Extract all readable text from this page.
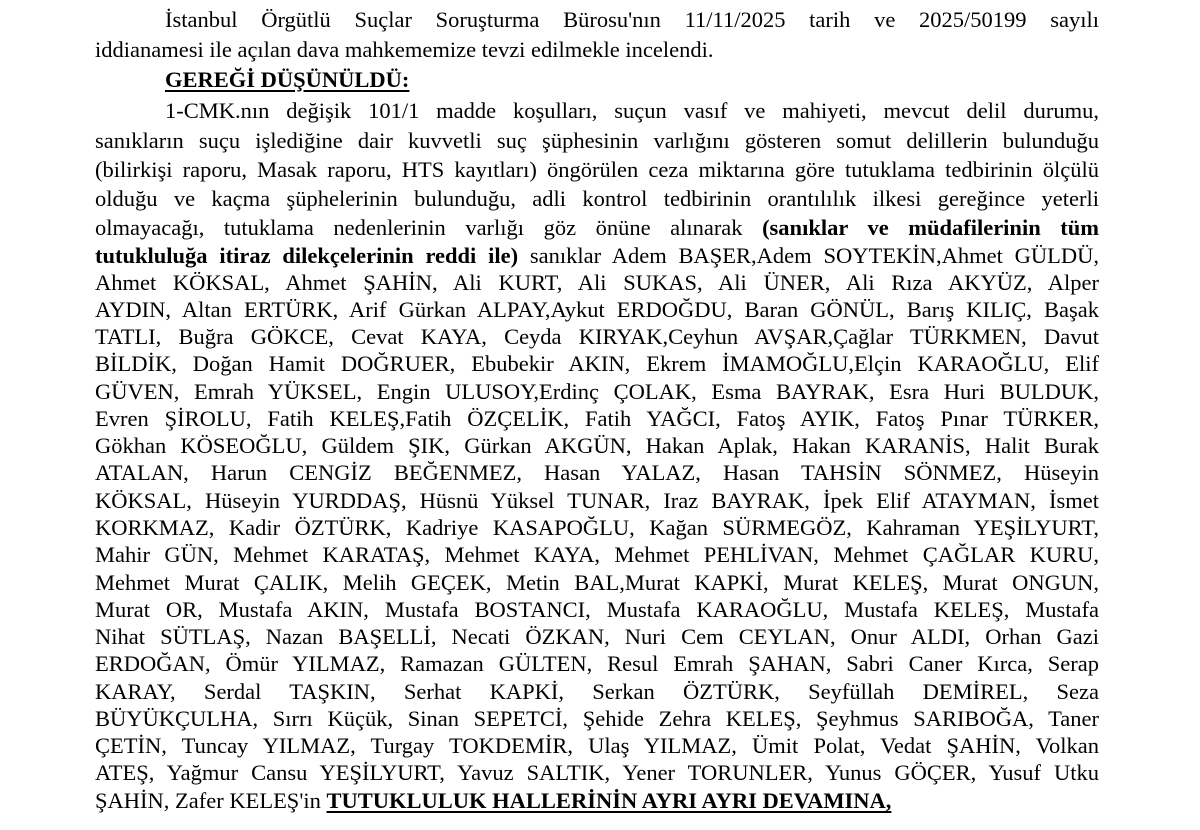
İstanbul Örgütlü Suçlar Soruşturma Bürosu'nın 11/11/2025 tarih ve 2025/50199 sayılı
iddianamesi ile açılan dava mahkememize tevzi edilmekle incelendi.
GEREĞİ DÜŞÜNÜLDÜ:
1-CMK.nın değişik 101/1 madde koşulları, suçun vasıf ve mahiyeti, mevcut delil durumu,
sanıkların suçu işlediğine dair kuvvetli suç şüphesinin varlığını gösteren somut delillerin bulunduğu
(bilirkişi raporu, Masak raporu, HTS kayıtları) öngörülen ceza miktarına göre tutuklama tedbirinin ölçülü
olduğu ve kaçma şüphelerinin bulunduğu, adli kontrol tedbirinin orantılılık ilkesi gereğince yeterli
olmayacağı, tutuklama nedenlerinin varlığı göz önüne alınarak (sanıklar ve müdafilerinin tüm
tutukluluğa itiraz dilekçelerinin reddi ile) sanıklar Adem BAŞER,Adem SOYTEKİN,Ahmet GÜLDÜ,
Ahmet KÖKSAL, Ahmet ŞAHİN, Ali KURT, Ali SUKAS, Ali ÜNER, Ali Rıza AKYÜZ, Alper
AYDIN, Altan ERTÜRK, Arif Gürkan ALPAY,Aykut ERDOĞDU, Baran GÖNÜL, Barış KILIÇ, Başak
TATLI, Buğra GÖKCE, Cevat KAYA, Ceyda KIRYAK,Ceyhun AVŞAR,Çağlar TÜRKMEN, Davut
BİLDİK, Doğan Hamit DOĞRUER, Ebubekir AKIN, Ekrem İMAMOĞLU,Elçin KARAOĞLU, Elif
GÜVEN, Emrah YÜKSEL, Engin ULUSOY,Erdinç ÇOLAK, Esma BAYRAK, Esra Huri BULDUK,
Evren ŞİROLU, Fatih KELEŞ,Fatih ÖZÇELİK, Fatih YAĞCI, Fatoş AYIK, Fatoş Pınar TÜRKER,
Gökhan KÖSEOĞLU, Güldem ŞIK, Gürkan AKGÜN, Hakan Aplak, Hakan KARANİS, Halit Burak
ATALAN, Harun CENGİZ BEĞENMEZ, Hasan YALAZ, Hasan TAHSİN SÖNMEZ, Hüseyin
KÖKSAL, Hüseyin YURDDAŞ, Hüsnü Yüksel TUNAR, Iraz BAYRAK, İpek Elif ATAYMAN, İsmet
KORKMAZ, Kadir ÖZTÜRK, Kadriye KASAPOĞLU, Kağan SÜRMEGÖZ, Kahraman YEŞİLYURT,
Mahir GÜN, Mehmet KARATAŞ, Mehmet KAYA, Mehmet PEHLİVAN, Mehmet ÇAĞLAR KURU,
Mehmet Murat ÇALIK, Melih GEÇEK, Metin BAL,Murat KAPKİ, Murat KELEŞ, Murat ONGUN,
Murat OR, Mustafa AKIN, Mustafa BOSTANCI, Mustafa KARAOĞLU, Mustafa KELEŞ, Mustafa
Nihat SÜTLAŞ, Nazan BAŞELLİ, Necati ÖZKAN, Nuri Cem CEYLAN, Onur ALDI, Orhan Gazi
ERDOĞAN, Ömür YILMAZ, Ramazan GÜLTEN, Resul Emrah ŞAHAN, Sabri Caner Kırca, Serap
KARAY, Serdal TAŞKIN, Serhat KAPKİ, Serkan ÖZTÜRK, Seyfüllah DEMİREL, Seza
BÜYÜKÇULHA, Sırrı Küçük, Sinan SEPETCİ, Şehide Zehra KELEŞ, Şeyhmus SARIBOĞA, Taner
ÇETİN, Tuncay YILMAZ, Turgay TOKDEMİR, Ulaş YILMAZ, Ümit Polat, Vedat ŞAHİN, Volkan
ATEŞ, Yağmur Cansu YEŞİLYURT, Yavuz SALTIK, Yener TORUNLER, Yunus GÖÇER, Yusuf Utku
ŞAHİN, Zafer KELEŞ'in TUTUKLULUK HALLERİNİN AYRI AYRI DEVAMINA,
